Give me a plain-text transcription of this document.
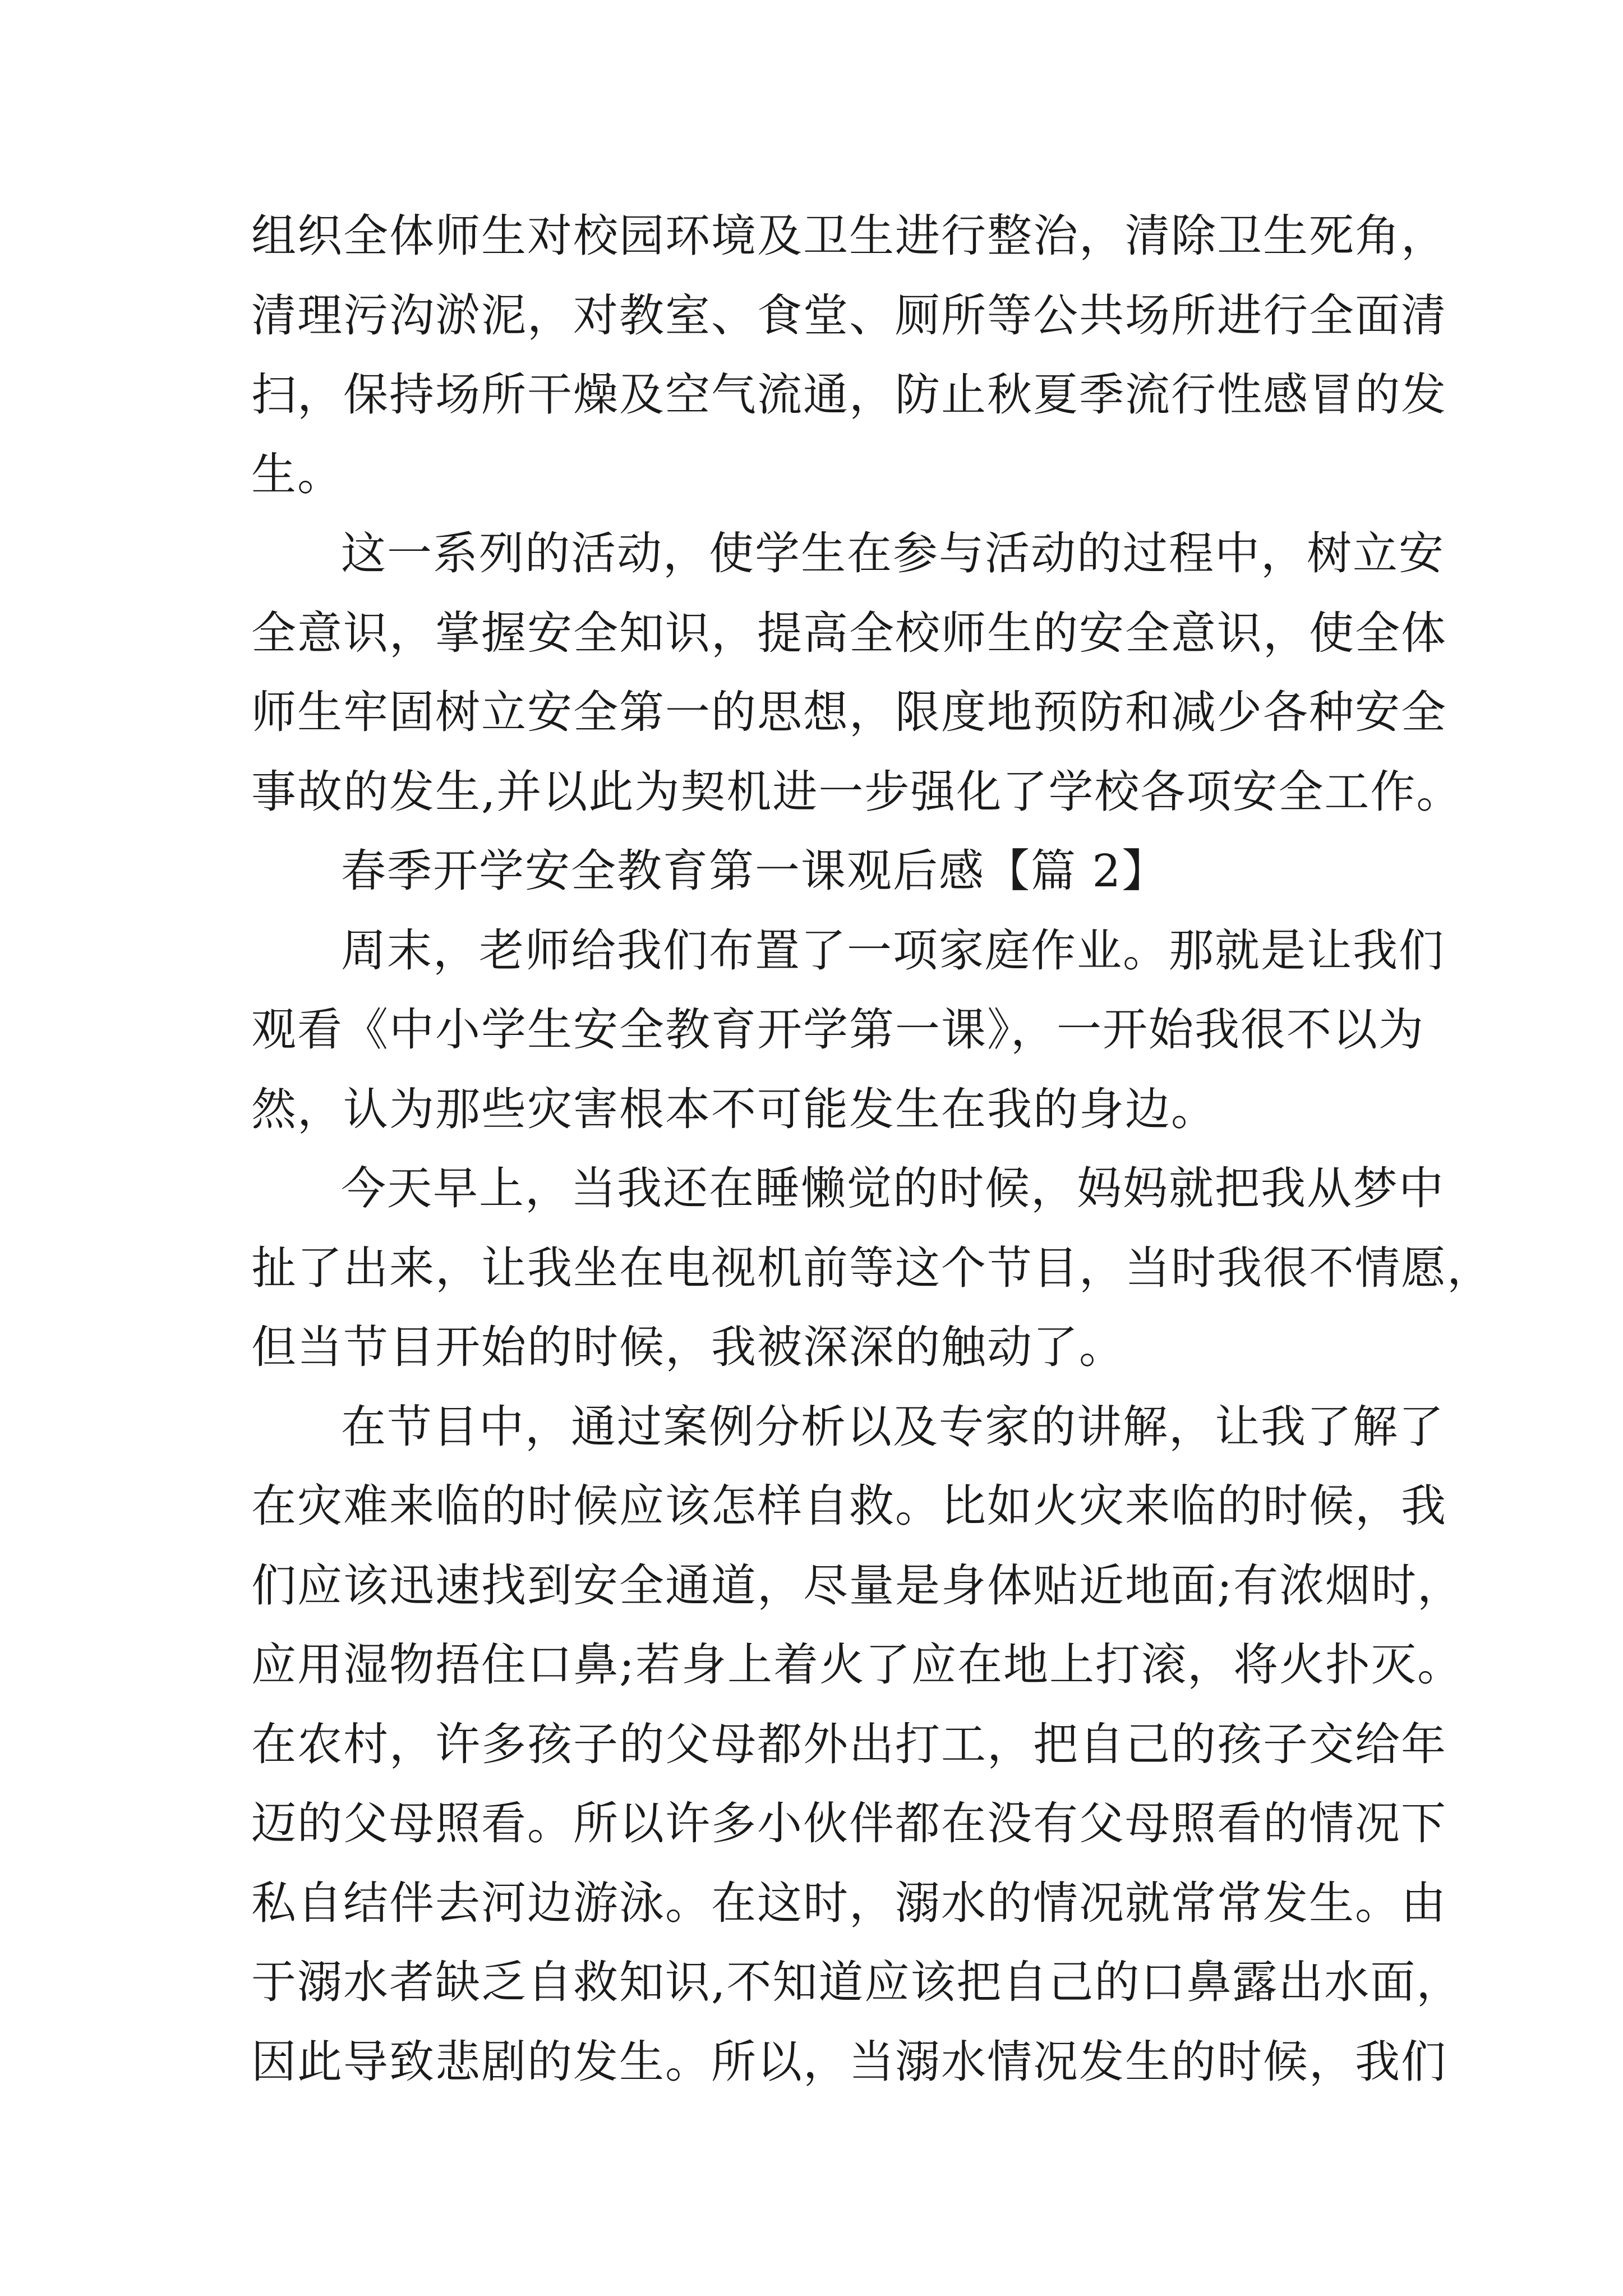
组织全体师生对校园环境及卫生进行整治，清除卫生死角，
清理污沟淤泥，对教室、食堂、厕所等公共场所进行全面清
扫，保持场所干燥及空气流通，防止秋夏季流行性感冒的发
生。
这一系列的活动，使学生在参与活动的过程中，树立安
全意识，掌握安全知识，提高全校师生的安全意识，使全体
师生牢固树立安全第一的思想，限度地预防和减少各种安全
事故的发生,并以此为契机进一步强化了学校各项安全工作。
春季开学安全教育第一课观后感【篇 2】
周末，老师给我们布置了一项家庭作业。那就是让我们
观看《中小学生安全教育开学第一课》，一开始我很不以为
然，认为那些灾害根本不可能发生在我的身边。
今天早上，当我还在睡懒觉的时候，妈妈就把我从梦中
扯了出来，让我坐在电视机前等这个节目，当时我很不情愿，
但当节目开始的时候，我被深深的触动了。
在节目中，通过案例分析以及专家的讲解，让我了解了
在灾难来临的时候应该怎样自救。比如火灾来临的时候，我
们应该迅速找到安全通道，尽量是身体贴近地面;有浓烟时，
应用湿物捂住口鼻;若身上着火了应在地上打滚，将火扑灭。
在农村，许多孩子的父母都外出打工，把自己的孩子交给年
迈的父母照看。所以许多小伙伴都在没有父母照看的情况下
私自结伴去河边游泳。在这时，溺水的情况就常常发生。由
于溺水者缺乏自救知识,不知道应该把自己的口鼻露出水面，
因此导致悲剧的发生。所以，当溺水情况发生的时候，我们
